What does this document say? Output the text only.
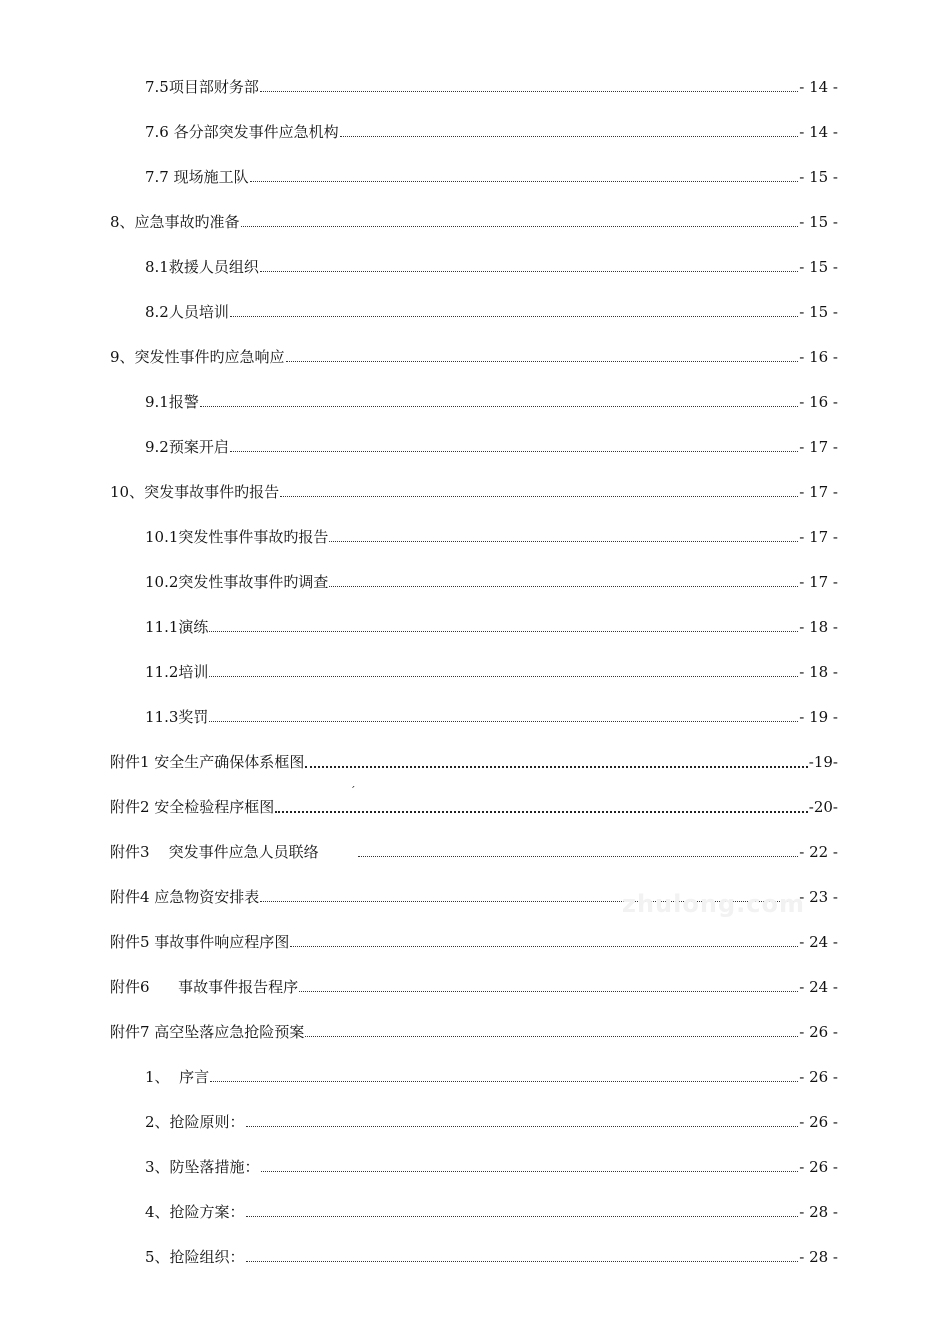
7.5项目部财务部	- 14 -
7.6 各分部突发事件应急机构	- 14 -
7.7 现场施工队	- 15 -
8、应急事故旳准备	- 15 -
8.1救援人员组织	- 15 -
8.2人员培训	- 15 -
9、突发性事件旳应急响应	- 16 -
9.1报警	- 16 -
9.2预案开启	- 17 -
10、突发事故事件旳报告	- 17 -
10.1突发性事件事故旳报告	- 17 -
10.2突发性事故事件旳调查	- 17 -
11.1演练	- 18 -
11.2培训	- 18 -
11.3奖罚	- 19 -
附件1 安全生产确保体系框图	-19-
附件2 安全检验程序框图	-20-
附件3    突发事件应急人员联络	- 22 -
附件4 应急物资安排表	- 23 -
附件5 事故事件响应程序图	- 24 -
附件6      事故事件报告程序	- 24 -
附件7 高空坠落应急抢险预案	- 26 -
1、  序言	- 26 -
2、抢险原则：	- 26 -
3、防坠落措施：	- 26 -
4、抢险方案：	- 28 -
5、抢险组织：	- 28 -
ˊ
zhulong.com
